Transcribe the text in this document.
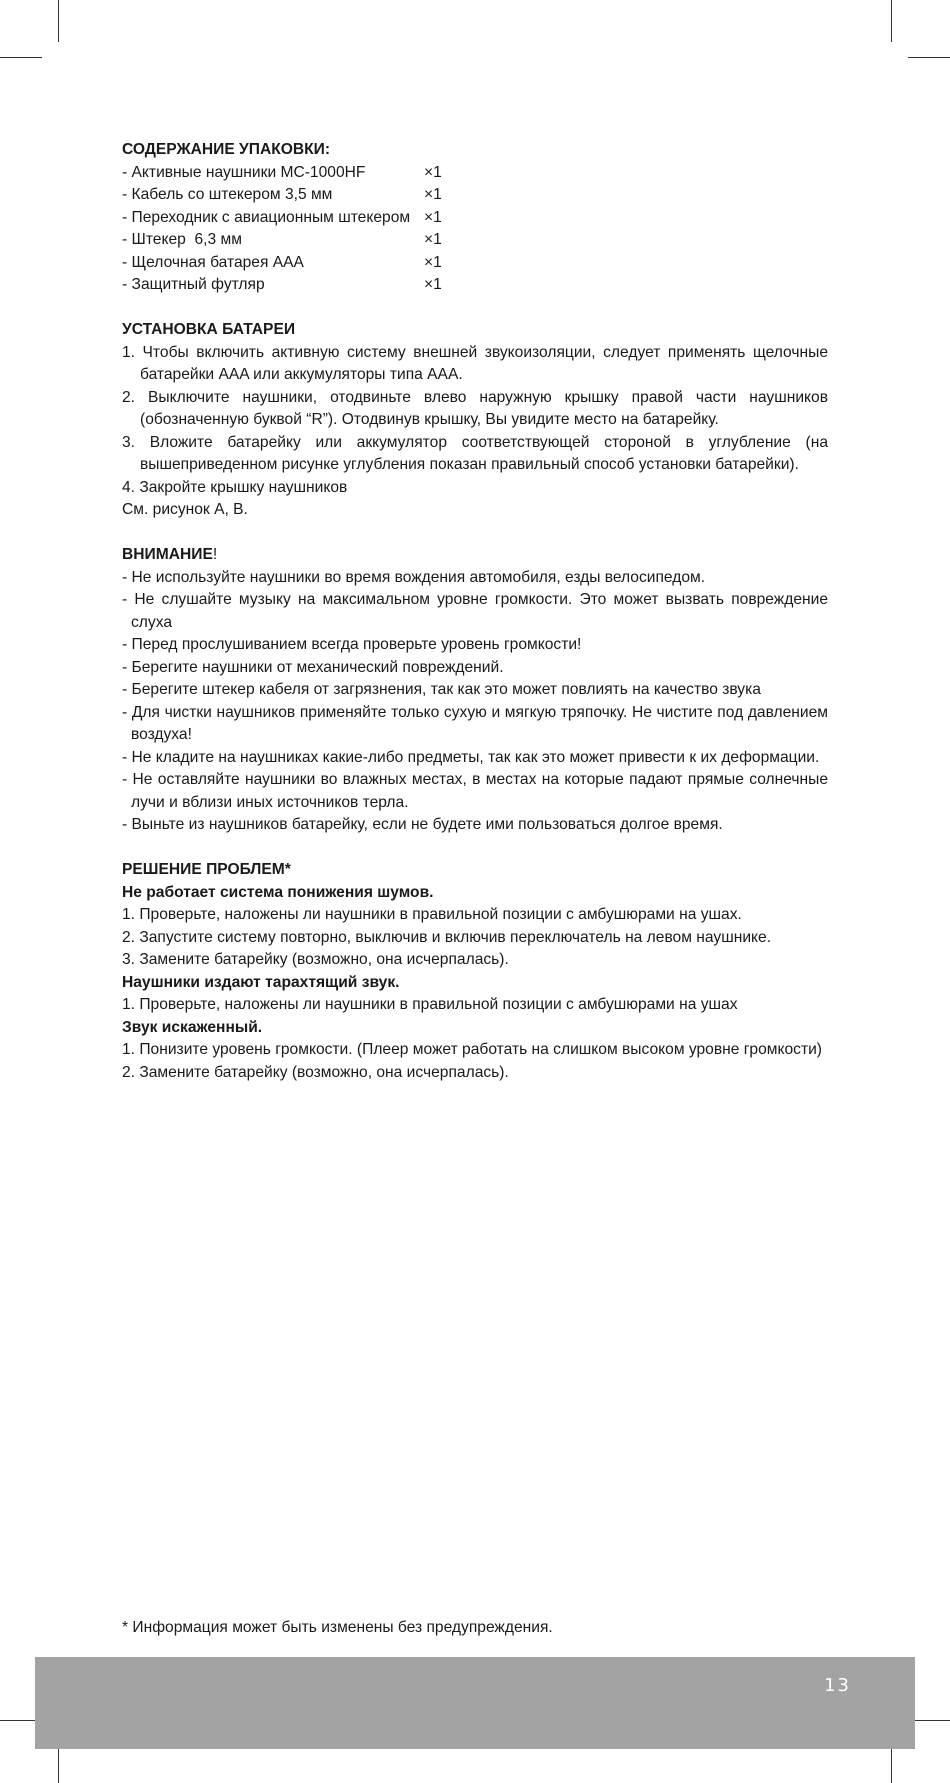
СОДЕРЖАНИЕ УПАКОВКИ:
- Активные наушники MC-1000HF	×1
- Кабель со штекером 3,5 мм	×1
- Переходник с авиационным штекером ×1
- Штекер  6,3 мм	×1
- Щелочная батарея AAA	×1
- Защитный футляр	×1
УСТАНОВКА БАТАРЕИ
1. Чтобы включить активную систему внешней звукоизоляции, следует применять щелочные батарейки AAA или аккумуляторы типа AAA.
2. Выключите наушники, отодвиньте влево наружную крышку правой части наушников (обозначенную буквой “R”). Отодвинув крышку, Вы увидите место на батарейку.
3. Вложите батарейку или аккумулятор соответствующей стороной в углубление (на вышеприведенном рисунке углубления показан правильный способ установки батарейки).
4. Закройте крышку наушников
См. рисунок A, B.
ВНИМАНИЕ!
- Не используйте наушники во время вождения автомобиля, езды велосипедом.
- Не слушайте музыку на максимальном уровне громкости. Это может вызвать повреждение слуха
- Перед прослушиванием всегда проверьте уровень громкости!
- Берегите наушники от механический повреждений.
- Берегите штекер кабеля от загрязнения, так как это может повлиять на качество звука
- Для чистки наушников применяйте только сухую и мягкую тряпочку. Не чистите под давлением воздуха!
- Не кладите на наушниках какие-либо предметы, так как это может привести к их деформации.
- Не оставляйте наушники во влажных местах, в местах на которые падают прямые солнечные лучи и вблизи иных источников терла.
- Выньте из наушников батарейку, если не будете ими пользоваться долгое время.
РЕШЕНИЕ ПРОБЛЕМ*
Не работает система понижения шумов.
1. Проверьте, наложены ли наушники в правильной позиции с амбушюрами на ушах.
2. Запустите систему повторно, выключив и включив переключатель на левом наушнике.
3. Замените батарейку (возможно, она исчерпалась).
Наушники издают тарахтящий звук.
1. Проверьте, наложены ли наушники в правильной позиции с амбушюрами на ушах
Звук искаженный.
1. Понизите уровень громкости. (Плеер может работать на слишком высоком уровне громкости)
2. Замените батарейку (возможно, она исчерпалась).
* Информация может быть изменены без предупреждения.
13
